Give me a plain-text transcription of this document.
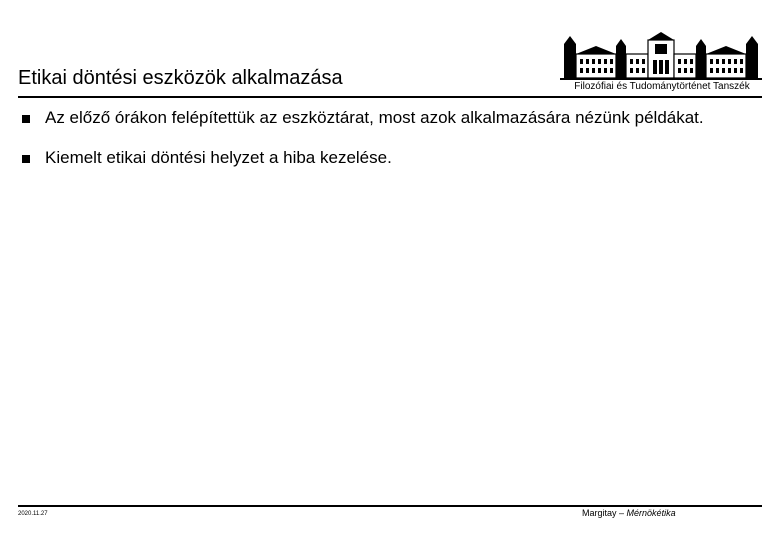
Filozófiai és Tudománytörténet Tanszék
Etikai döntési eszközök alkalmazása
Az előző órákon felépítettük az eszköztárat, most azok alkalmazására nézünk példákat.
Kiemelt etikai döntési helyzet a hiba kezelése.
2020.11.27	Margitay – Mérnökétika
